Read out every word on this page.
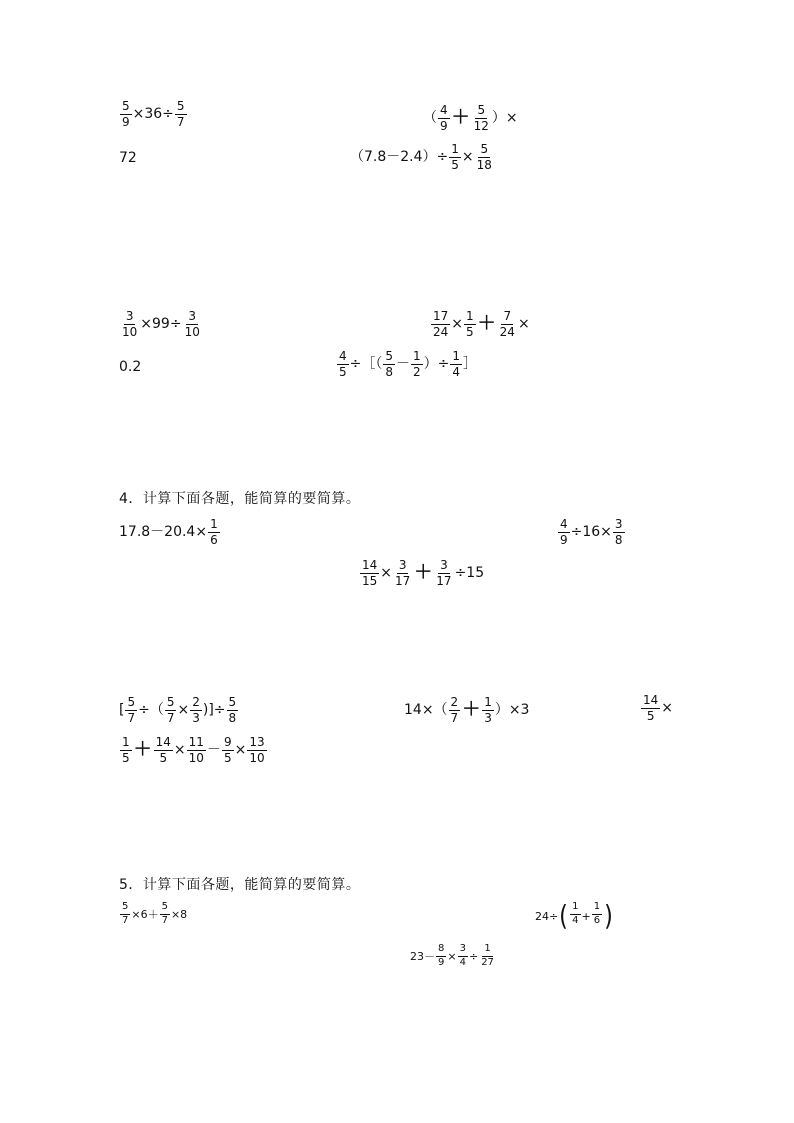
$\frac{5}{9} \times 36\div \frac{5}{7}$	（ $\frac{4}{9} + \frac{5}{12}$ ）×
72	$(7.8-2.4)\div \frac{1}{5} \times \frac{5}{18}$
$\frac{3}{10} \times 99\div \frac{3}{10}$	$\frac{17}{24} \times \frac{1}{5} + \frac{7}{24}$ ×
0.2	$\frac{4}{5}$ ÷［（ $\frac{5}{8} - \frac{1}{2}$ ）÷ $\frac{1}{4}$ ］
4．计算下面各题，能简算的要简算。
$17.8-20.4\times \frac{1}{6}$	$\frac{4}{9} \div 16\times \frac{3}{8}$
$\frac{14}{15} \times \frac{3}{17} + \frac{3}{17} \div 15$
[ $\frac{5}{7}$ ÷（ $\frac{5}{7} \times \frac{2}{3}$ )]÷ $\frac{5}{8}$	$14\times( \frac{2}{7} + \frac{1}{3} )\times 3$	$\frac{14}{5}$ ×
$\frac{1}{5} + \frac{14}{5} \times \frac{11}{10} - \frac{9}{5} \times \frac{13}{10}$
5．计算下面各题，能简算的要简算。
$\frac{5}{7} \times 6+ \frac{5}{7} \times 8$	24÷ ( $\frac{1}{4} + \frac{1}{6}$ )
$23- \frac{8}{9} \times \frac{3}{4} \div \frac{1}{27}$
